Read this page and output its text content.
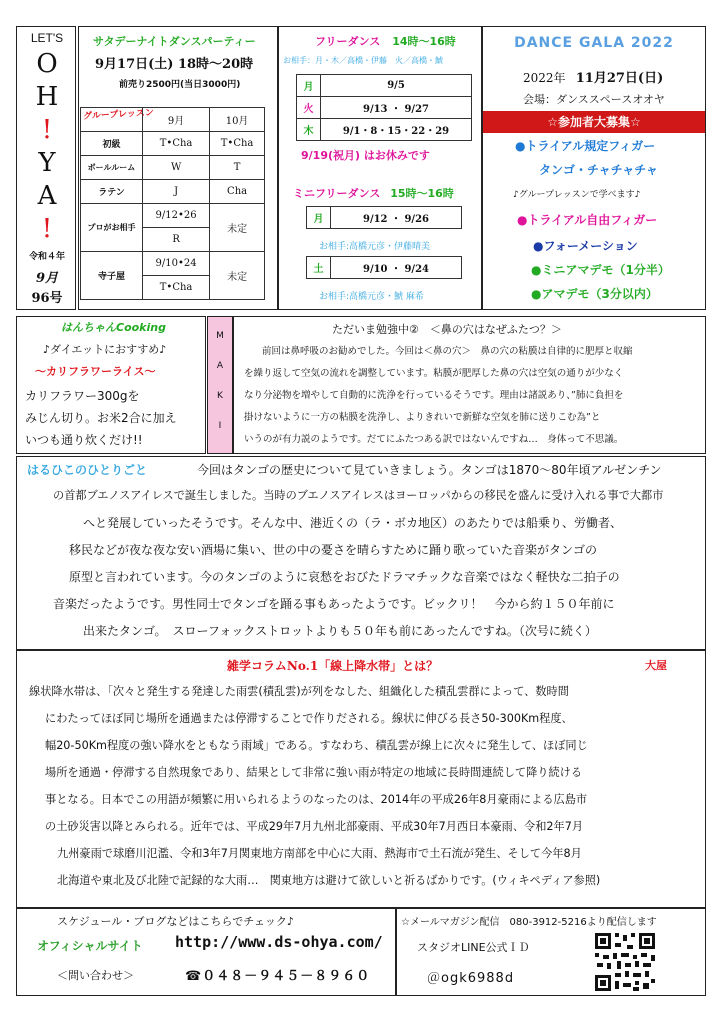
LET'S
O
H
!
Y
A
!
令和４年
9月
96号
サタデーナイトダンスパーティー
9月17日(土) 18時〜20時
前売り2500円(当日3000円)
グループレッスン
	9月	10月
初級	T•Cha	T•Cha
ボールルーム	W	T
ラテン	J	Cha
プロがお相手	9/12•26	未定
	R	
寺子屋	9/10•24	未定
	T•Cha	
フリーダンス 14時〜16時
お相手：月・木／高橋・伊藤　火／高橋・鯱
9/19(祝月) はお休みです
ミニフリーダンス 15時〜16時
お相手:高橋元彦・伊藤晴美
お相手:高橋元彦・鯱 麻希
月	9/5
火	9/13 ・ 9/27
木	9/1・8・15・22・29
月	9/12 ・ 9/26
土	9/10 ・ 9/24
DANCE GALA 2022
2022年 11月27日(日)
会場：ダンススペースオオヤ
☆参加者大募集☆
●トライアル規定フィガー
タンゴ・チャチャチャ
♪グループレッスンで学べます♪
●トライアル自由フィガー
●フォーメーション
●ミニアマデモ（1分半）
●アマデモ（3分以内）
はんちゃんCooking
♪ダイエットにおすすめ♪
〜カリフラワーライス〜
カリフラワー300gを
みじん切り。お米2合に加え
いつも通り炊くだけ!!
M
A
K
I
ただいま勉強中②　＜鼻の穴はなぜふたつ？＞
前回は鼻呼吸のお勧めでした。今回は＜鼻の穴＞　鼻の穴の粘膜は自律的に肥厚と収縮
を繰り返して空気の流れを調整しています。粘膜が肥厚した鼻の穴は空気の通りが少なく
なり分泌物を増やして自動的に洗浄を行っているそうです。理由は諸説あり、”肺に負担を
掛けないように一方の粘膜を洗浄し、よりきれいで新鮮な空気を肺に送りこむ為”と
いうのが有力説のようです。だてにふたつある訳ではないんですね…　身体って不思議。
はるひこのひとりごと	今回はタンゴの歴史について見ていきましょう。タンゴは1870〜80年頃アルゼンチン
の首都ブエノスアイレスで誕生しました。当時のブエノスアイレスはヨーロッパからの移民を盛んに受け入れる事で大都市
へと発展していったそうです。そんな中、港近くの（ラ・ボカ地区）のあたりでは船乗り、労働者、
移民などが夜な夜な安い酒場に集い、世の中の憂さを晴らすために踊り歌っていた音楽がタンゴの
原型と言われています。今のタンゴのように哀愁をおびたドラマチックな音楽ではなく軽快な二拍子の
音楽だったようです。男性同士でタンゴを踊る事もあったようです。ビックリ！　今から約１５０年前に
出来たタンゴ。　スローフォックストロットよりも５０年も前にあったんですね。（次号に続く）
雑学コラムNo.1「線上降水帯」とは？	大屋
線状降水帯は、「次々と発生する発達した雨雲(積乱雲)が列をなした、組織化した積乱雲群によって、数時間
にわたってほぼ同じ場所を通過または停滞することで作りだされる。線状に伸びる長さ50-300Km程度、
幅20-50Km程度の強い降水をともなう雨域」である。すなわち、積乱雲が線上に次々に発生して、ほぼ同じ
場所を通過・停滞する自然現象であり、結果として非常に強い雨が特定の地域に長時間連続して降り続ける
事となる。日本でこの用語が頻繁に用いられるようのなったのは、2014年の平成26年8月豪雨による広島市
の土砂災害以降とみられる。近年では、平成29年7月九州北部豪雨、平成30年7月西日本豪雨、令和2年7月
九州豪雨で球磨川氾濫、令和3年7月関東地方南部を中心に大雨、熱海市で土石流が発生、そして今年8月
北海道や東北及び北陸で記録的な大雨…　関東地方は避けて欲しいと祈るばかりです。(ウィキペディア参照)
スケジュール・ブログなどはこちらでチェック♪
オフィシャルサイト http://www.ds-ohya.com/
＜問い合わせ＞	☎０４８－９４５－８９６０
☆メールマガジン配信　080-3912-5216より配信します
スタジオLINE公式ＩＤ
＠ogk6988d
